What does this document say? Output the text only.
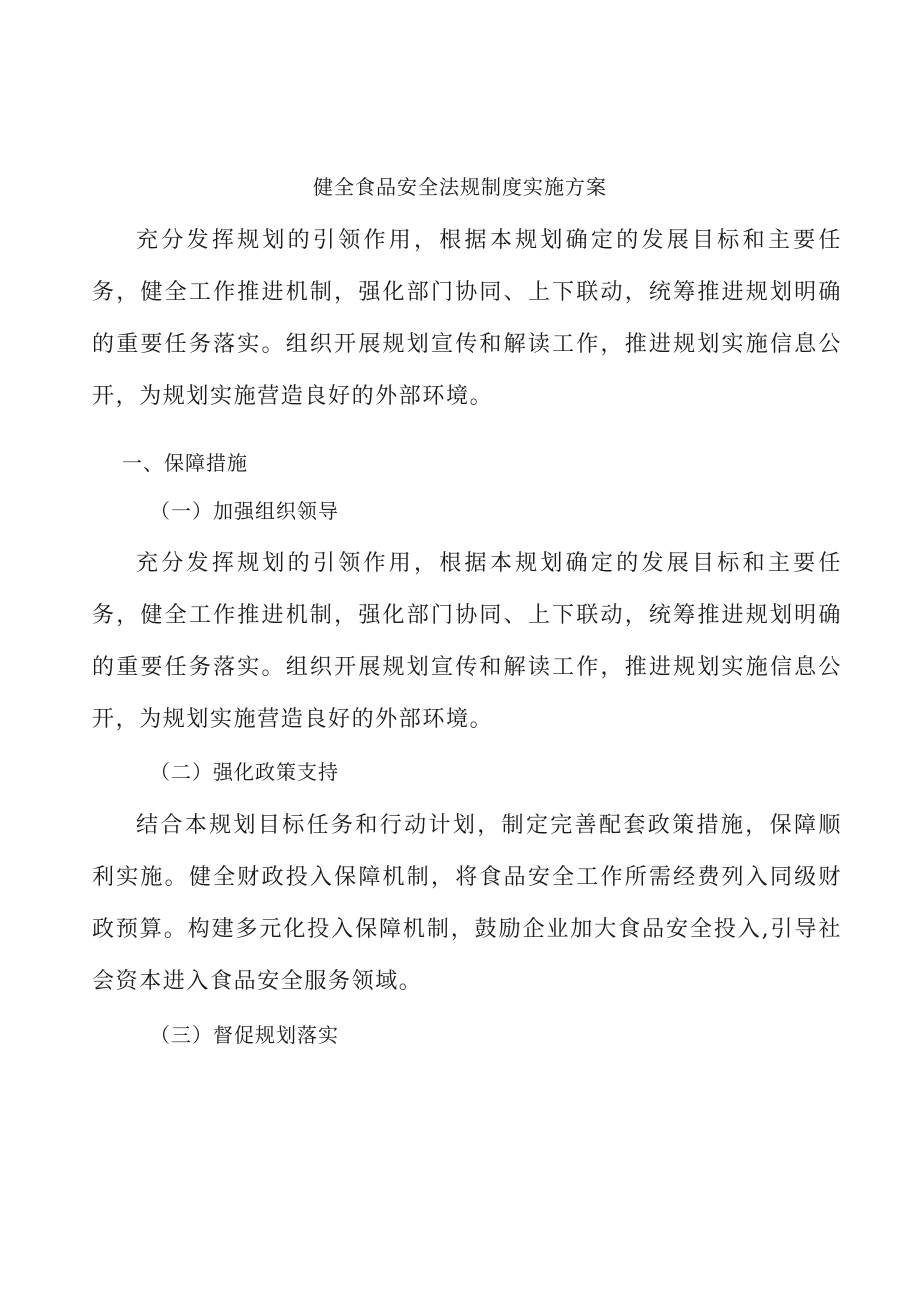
健全食品安全法规制度实施方案

充分发挥规划的引领作用，根据本规划确定的发展目标和主要任务，健全工作推进机制，强化部门协同、上下联动，统筹推进规划明确的重要任务落实。组织开展规划宣传和解读工作，推进规划实施信息公开，为规划实施营造良好的外部环境。

一、保障措施
（一）加强组织领导

充分发挥规划的引领作用，根据本规划确定的发展目标和主要任务，健全工作推进机制，强化部门协同、上下联动，统筹推进规划明确的重要任务落实。组织开展规划宣传和解读工作，推进规划实施信息公开，为规划实施营造良好的外部环境。

（二）强化政策支持

结合本规划目标任务和行动计划，制定完善配套政策措施，保障顺利实施。健全财政投入保障机制，将食品安全工作所需经费列入同级财政预算。构建多元化投入保障机制，鼓励企业加大食品安全投入,引导社会资本进入食品安全服务领域。

（三）督促规划落实
